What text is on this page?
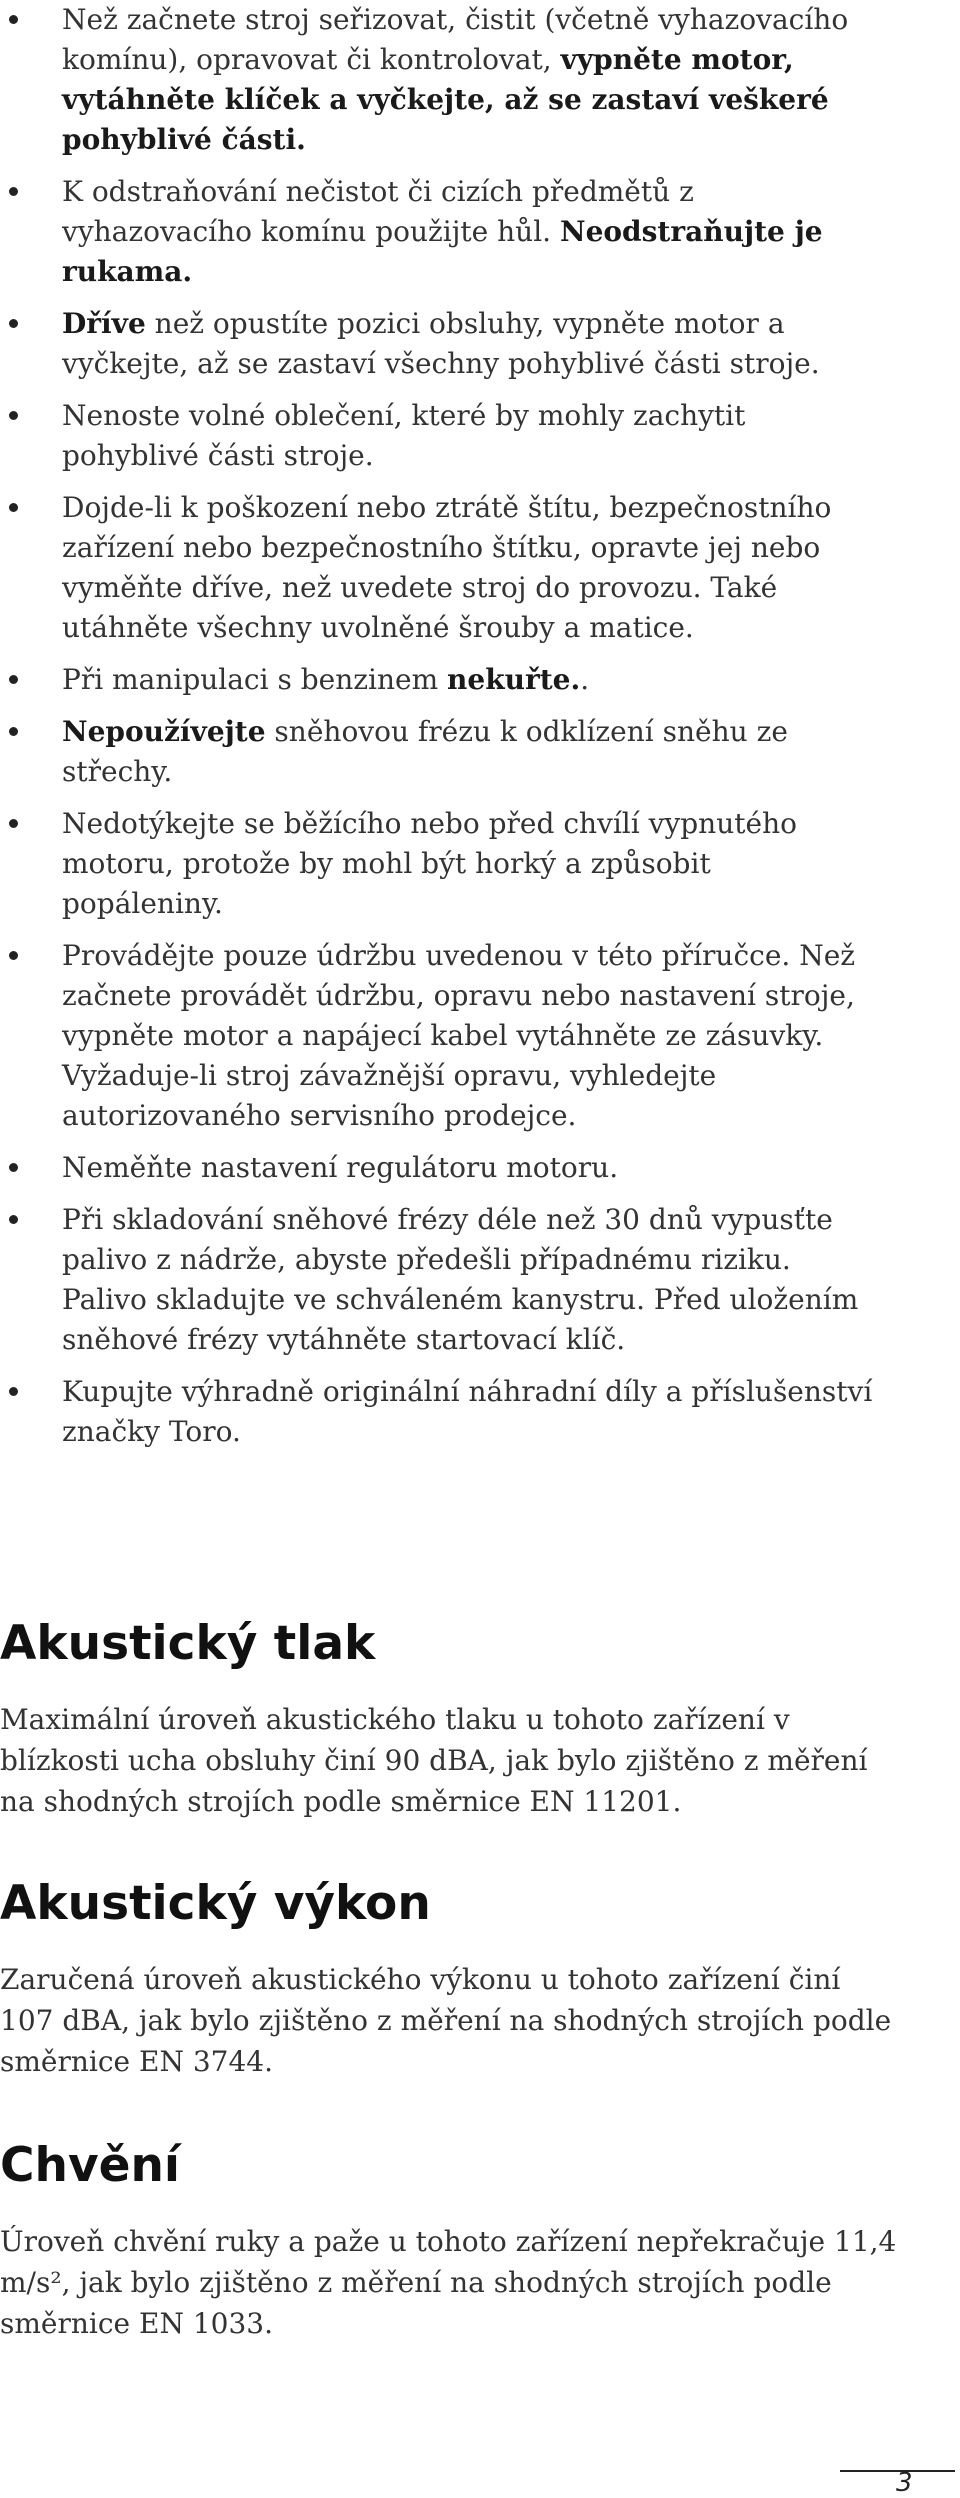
Než začnete stroj seřizovat, čistit (včetně vyhazovacího komínu), opravovat či kontrolovat, vypněte motor, vytáhněte klíček a vyčkejte, až se zastaví veškeré pohyblivé části.
K odstraňování nečistot či cizích předmětů z vyhazovacího komínu použijte hůl. Neodstraňujte je rukama.
Dříve než opustíte pozici obsluhy, vypněte motor a vyčkejte, až se zastaví všechny pohyblivé části stroje.
Nenoste volné oblečení, které by mohly zachytit pohyblivé části stroje.
Dojde-li k poškození nebo ztrátě štítu, bezpečnostního zařízení nebo bezpečnostního štítku, opravte jej nebo vyměňte dříve, než uvedete stroj do provozu. Také utáhněte všechny uvolněné šrouby a matice.
Při manipulaci s benzinem nekuřte..
Nepoužívejte sněhovou frézu k odklízení sněhu ze střechy.
Nedotýkejte se běžícího nebo před chvílí vypnutého motoru, protože by mohl být horký a způsobit popáleniny.
Provádějte pouze údržbu uvedenou v této příručce. Než začnete provádět údržbu, opravu nebo nastavení stroje, vypněte motor a napájecí kabel vytáhněte ze zásuvky. Vyžaduje-li stroj závažnější opravu, vyhledejte autorizovaného servisního prodejce.
Neměňte nastavení regulátoru motoru.
Při skladování sněhové frézy déle než 30 dnů vypusťte palivo z nádrže, abyste předešli případnému riziku. Palivo skladujte ve schváleném kanystru. Před uložením sněhové frézy vytáhněte startovací klíč.
Kupujte výhradně originální náhradní díly a příslušenství značky Toro.
Akustický tlak

Maximální úroveň akustického tlaku u tohoto zařízení v blízkosti ucha obsluhy činí 90 dBA, jak bylo zjištěno z měření na shodných strojích podle směrnice EN 11201.

Akustický výkon

Zaručená úroveň akustického výkonu u tohoto zařízení činí 107 dBA, jak bylo zjištěno z měření na shodných strojích podle směrnice EN 3744.

Chvění

Úroveň chvění ruky a paže u tohoto zařízení nepřekračuje 11,4 m/s², jak bylo zjištěno z měření na shodných strojích podle směrnice EN 1033.

3
